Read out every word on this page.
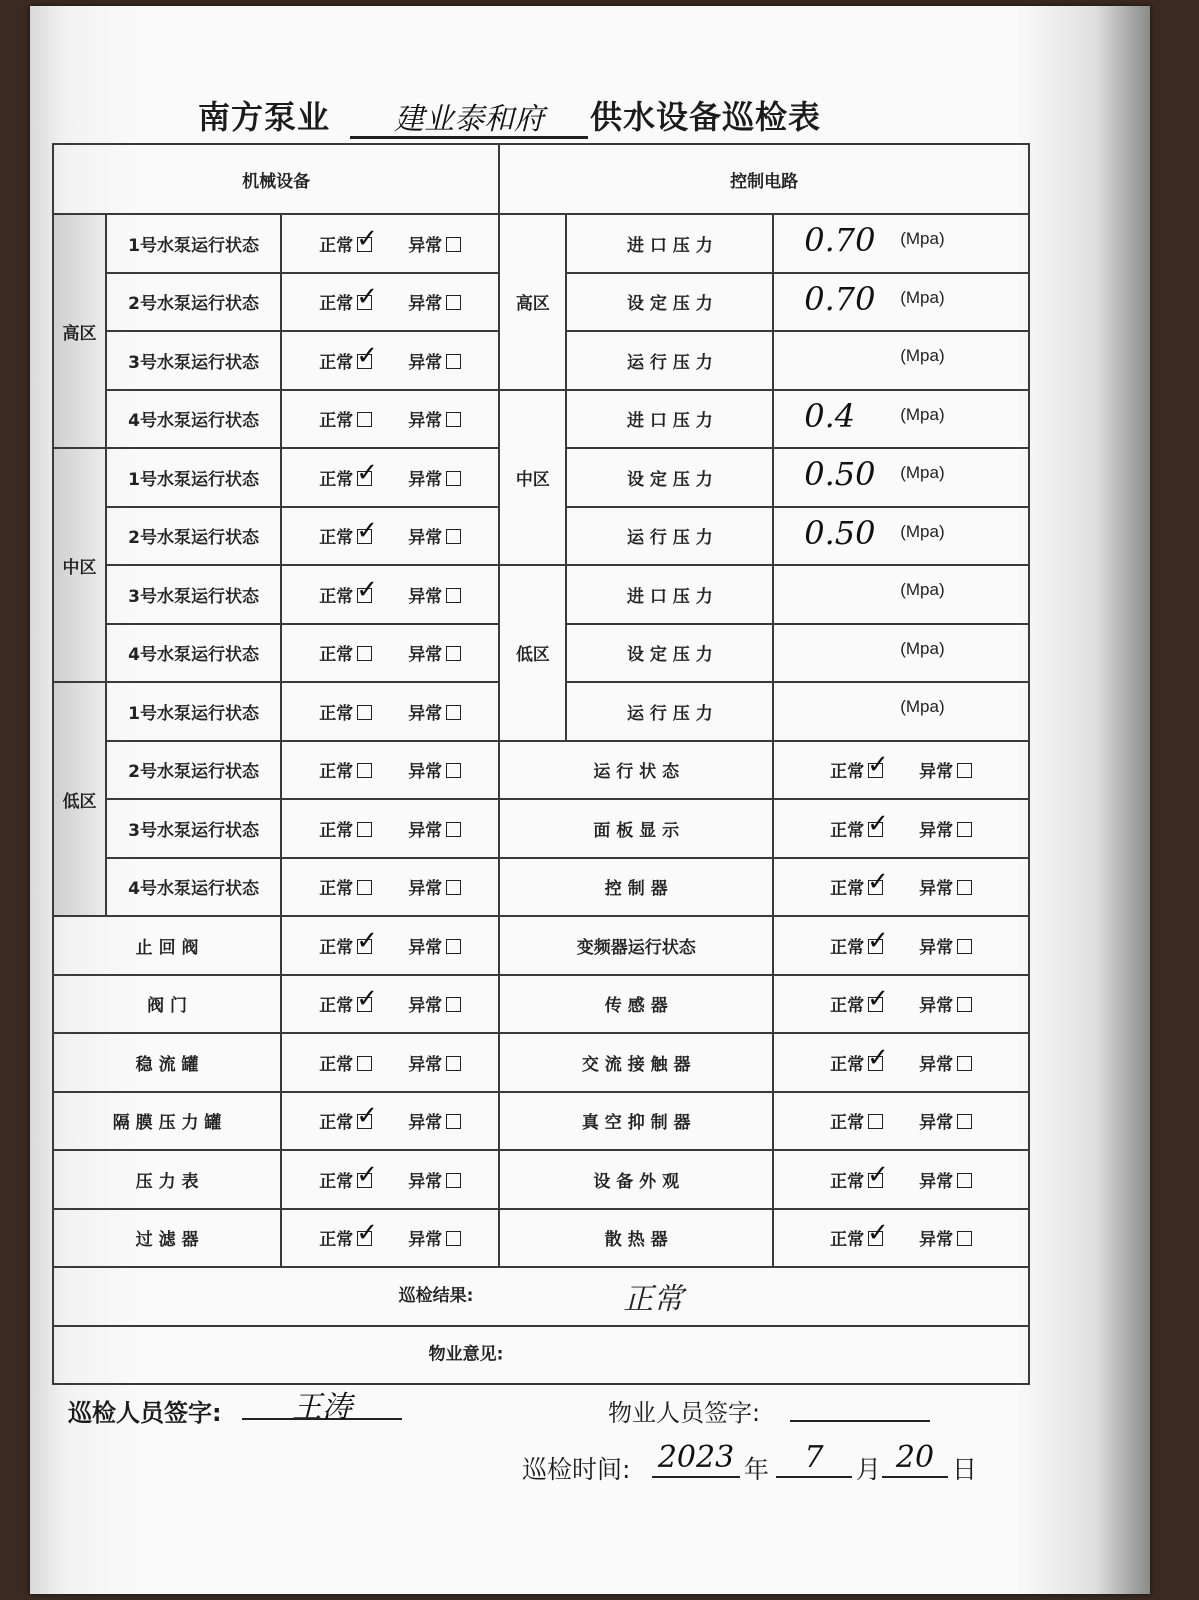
南方泵业	建业泰和府	供水设备巡检表
机械设备			控制电路		
高区	1号水泵运行状态	正常 ✓ 异常	高区	进 口 压 力	0.70 (Mpa)

	2号水泵运行状态	正常 ✓ 异常		设 定 压 力	0.70 (Mpa)

	3号水泵运行状态	正常 ✓ 异常		运 行 压 力	(Mpa)

	4号水泵运行状态	正常 异常	中区	进 口 压 力	0.4 (Mpa)

中区	1号水泵运行状态	正常 ✓ 异常		设 定 压 力	0.50 (Mpa)

	2号水泵运行状态	正常 ✓ 异常		运 行 压 力	0.50 (Mpa)

	3号水泵运行状态	正常 ✓ 异常	低区	进 口 压 力	(Mpa)

	4号水泵运行状态	正常 异常		设 定 压 力	(Mpa)

低区	1号水泵运行状态	正常 异常		运 行 压 力	(Mpa)

	2号水泵运行状态	正常 异常	运 行 状 态		正常 ✓ 异常
	3号水泵运行状态	正常 异常	面 板 显 示		正常 ✓ 异常
	4号水泵运行状态	正常 异常	控 制 器		正常 ✓ 异常
止 回 阀		正常 ✓ 异常	变频器运行状态		正常 ✓ 异常
阀 门		正常 ✓ 异常	传 感 器		正常 ✓ 异常
稳 流 罐		正常 异常	交 流 接 触 器		正常 ✓ 异常
隔 膜 压 力 罐		正常 ✓ 异常	真 空 抑 制 器		正常 异常
压 力 表		正常 ✓ 异常	设 备 外 观		正常 ✓ 异常
过 滤 器		正常 ✓ 异常	散 热 器		正常 ✓ 异常
巡检结果: 正常					
物业意见:					
巡检人员签字:	王涛	物业人员签字:
巡检时间: 2023 年	7	月 20 日
